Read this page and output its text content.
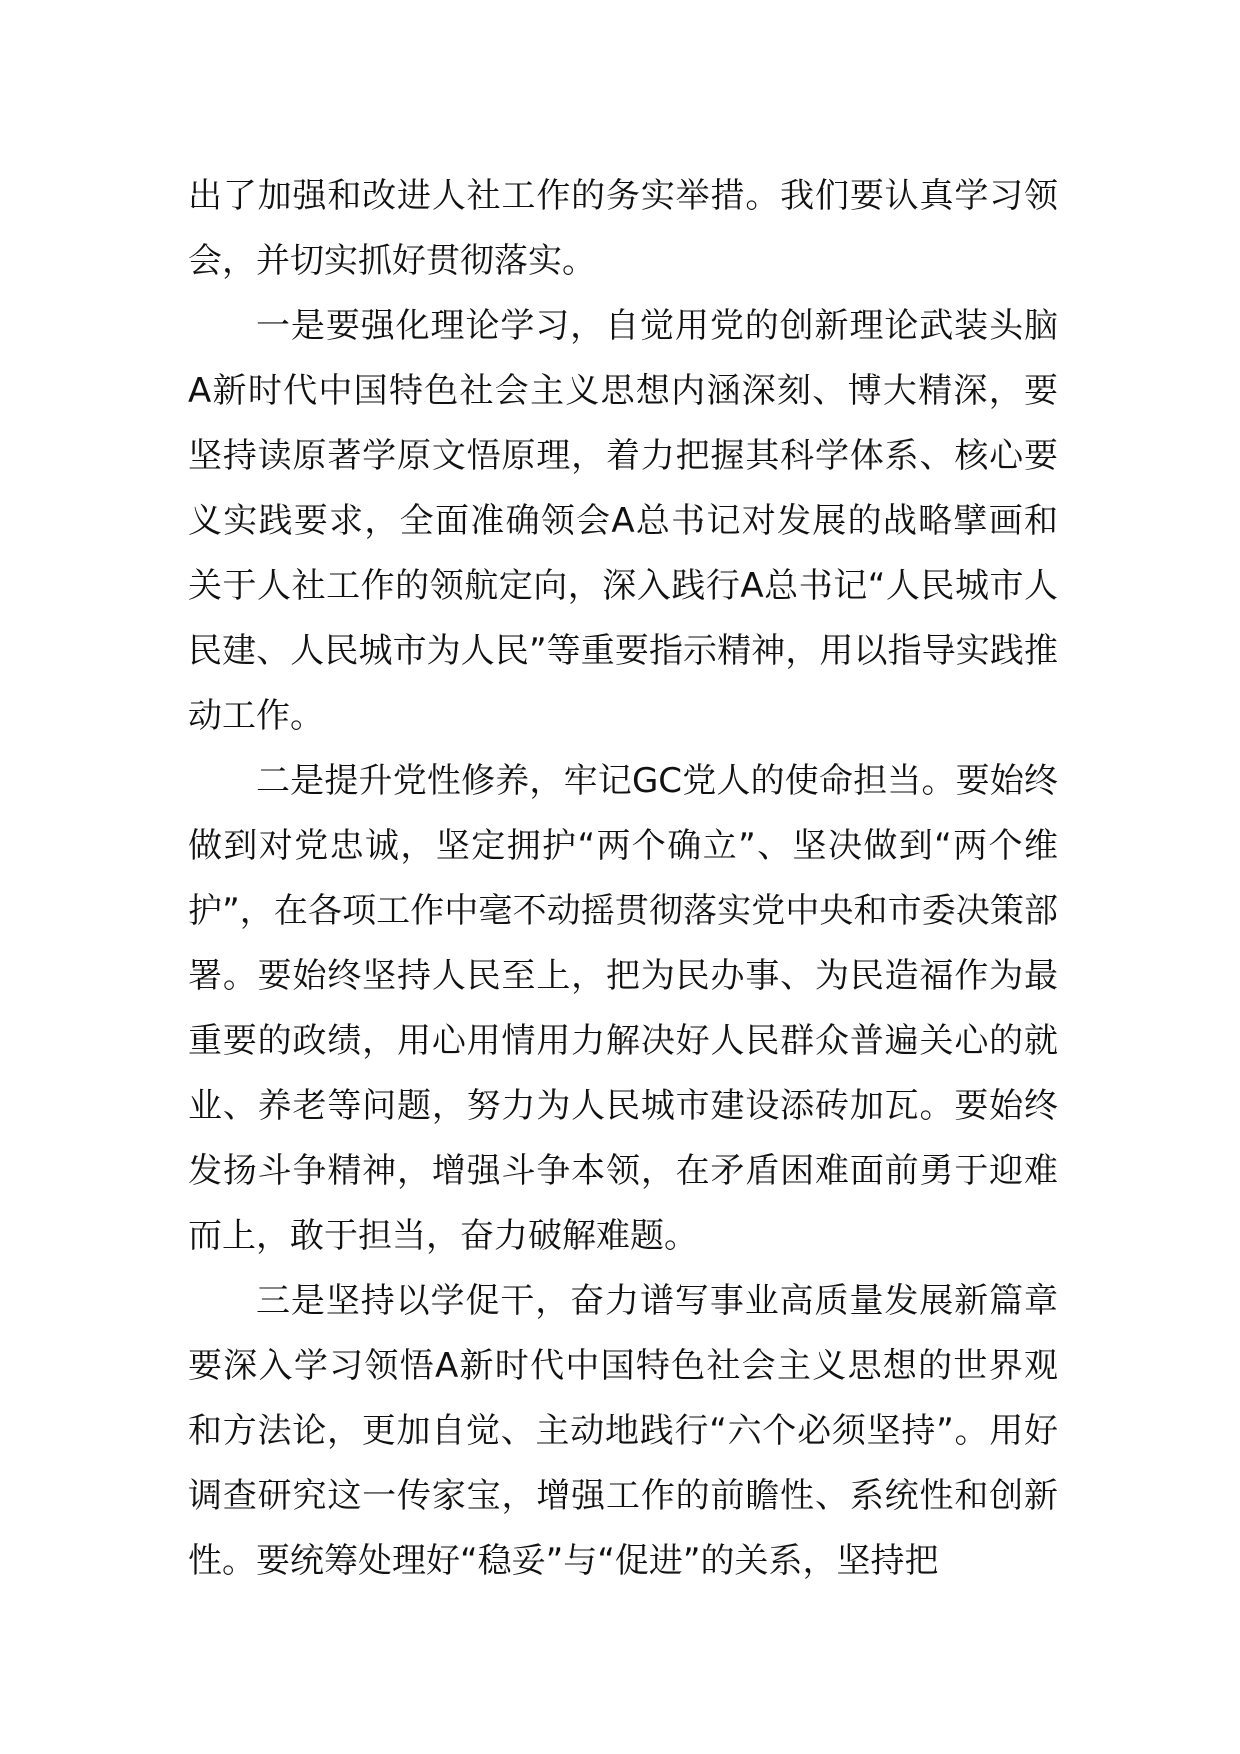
出了加强和改进人社工作的务实举措。我们要认真学习领会，并切实抓好贯彻落实。

一是要强化理论学习，自觉用党的创新理论武装头脑A新时代中国特色社会主义思想内涵深刻、博大精深，要坚持读原著学原文悟原理，着力把握其科学体系、核心要义实践要求，全面准确领会A总书记对发展的战略擘画和关于人社工作的领航定向，深入践行A总书记“人民城市人民建、人民城市为人民”等重要指示精神，用以指导实践推动工作。

二是提升党性修养，牢记GC党人的使命担当。要始终做到对党忠诚，坚定拥护“两个确立”、坚决做到“两个维护”，在各项工作中毫不动摇贯彻落实党中央和市委决策部署。要始终坚持人民至上，把为民办事、为民造福作为最重要的政绩，用心用情用力解决好人民群众普遍关心的就业、养老等问题，努力为人民城市建设添砖加瓦。要始终发扬斗争精神，增强斗争本领，在矛盾困难面前勇于迎难而上，敢于担当，奋力破解难题。

三是坚持以学促干，奋力谱写事业高质量发展新篇章要深入学习领悟A新时代中国特色社会主义思想的世界观和方法论，更加自觉、主动地践行“六个必须坚持”。用好调查研究这一传家宝，增强工作的前瞻性、系统性和创新性。要统筹处理好“稳妥”与“促进”的关系，坚持把
